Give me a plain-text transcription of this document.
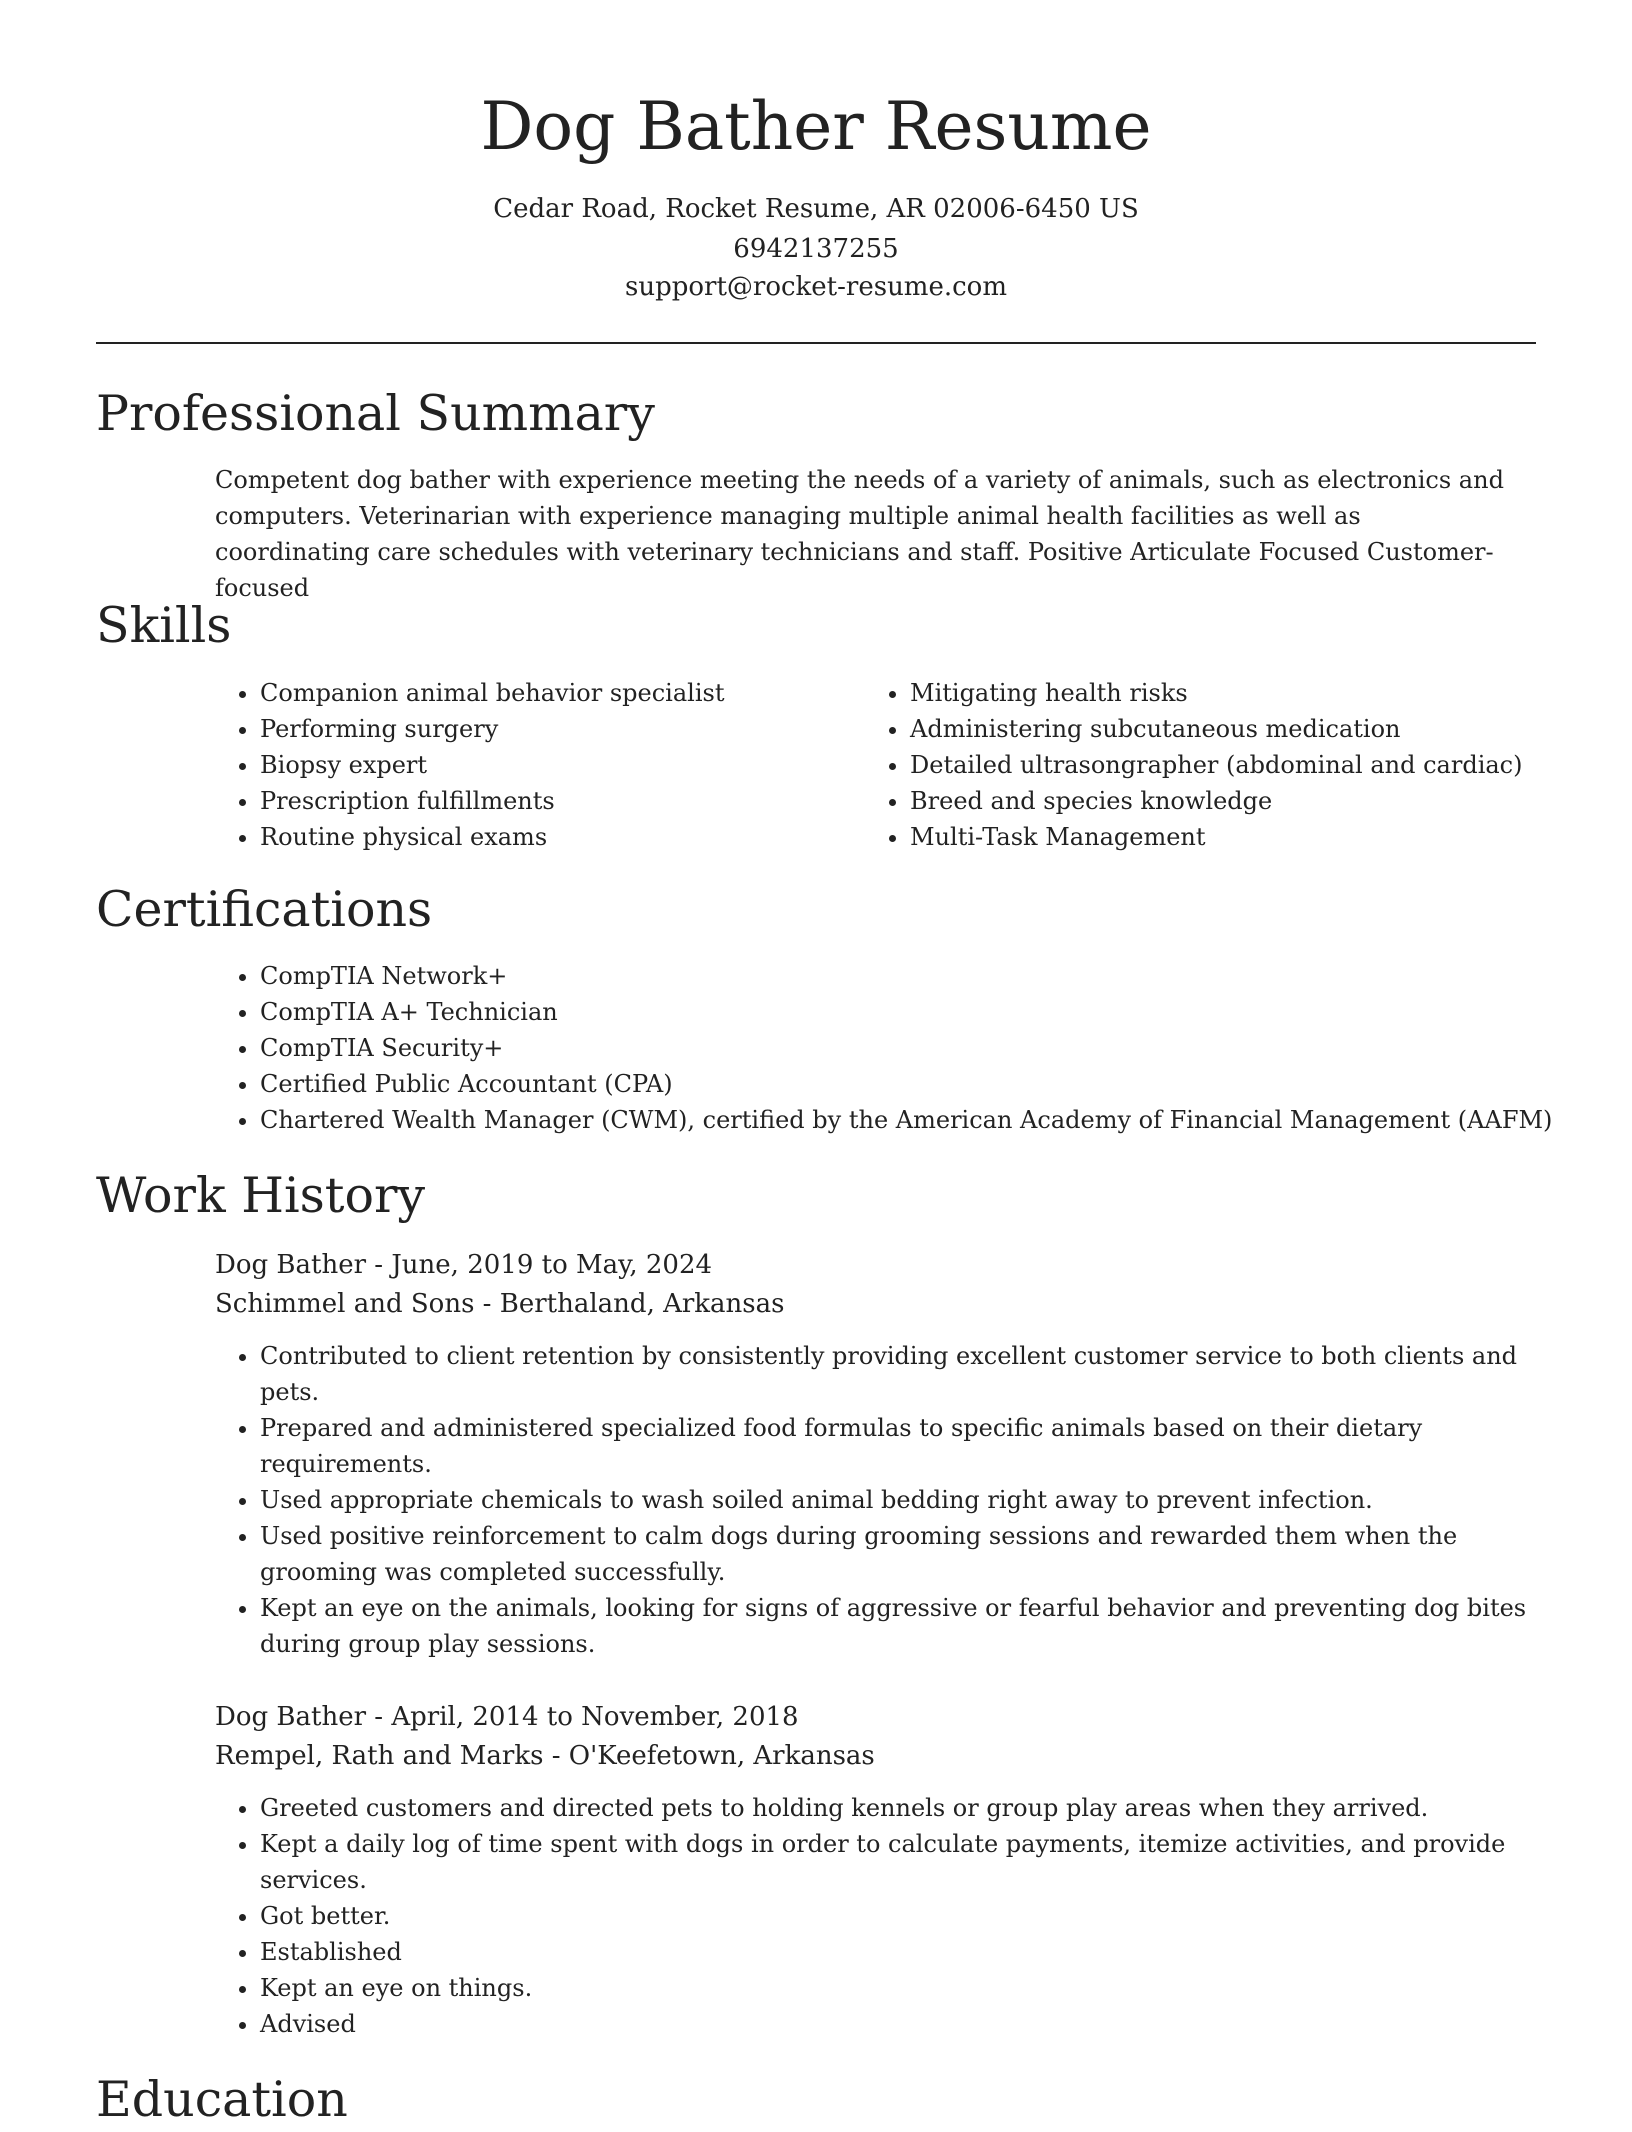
Dog Bather Resume
Cedar Road, Rocket Resume, AR 02006-6450 US
6942137255
support@rocket-resume.com
Professional Summary
Competent dog bather with experience meeting the needs of a variety of animals, such as electronics and computers. Veterinarian with experience managing multiple animal health facilities as well as coordinating care schedules with veterinary technicians and staff. Positive Articulate Focused Customer-focused
Skills
• Companion animal behavior specialist
• Performing surgery
• Biopsy expert
• Prescription fulfillments
• Routine physical exams
• Mitigating health risks
• Administering subcutaneous medication
• Detailed ultrasongrapher (abdominal and cardiac)
• Breed and species knowledge
• Multi-Task Management
Certifications
• CompTIA Network+
• CompTIA A+ Technician
• CompTIA Security+
• Certified Public Accountant (CPA)
• Chartered Wealth Manager (CWM), certified by the American Academy of Financial Management (AAFM)
Work History
Dog Bather - June, 2019 to May, 2024
Schimmel and Sons - Berthaland, Arkansas
• Contributed to client retention by consistently providing excellent customer service to both clients and pets.
• Prepared and administered specialized food formulas to specific animals based on their dietary requirements.
• Used appropriate chemicals to wash soiled animal bedding right away to prevent infection.
• Used positive reinforcement to calm dogs during grooming sessions and rewarded them when the grooming was completed successfully.
• Kept an eye on the animals, looking for signs of aggressive or fearful behavior and preventing dog bites during group play sessions.
Dog Bather - April, 2014 to November, 2018
Rempel, Rath and Marks - O'Keefetown, Arkansas
• Greeted customers and directed pets to holding kennels or group play areas when they arrived.
• Kept a daily log of time spent with dogs in order to calculate payments, itemize activities, and provide services.
• Got better.
• Established
• Kept an eye on things.
• Advised
Education
